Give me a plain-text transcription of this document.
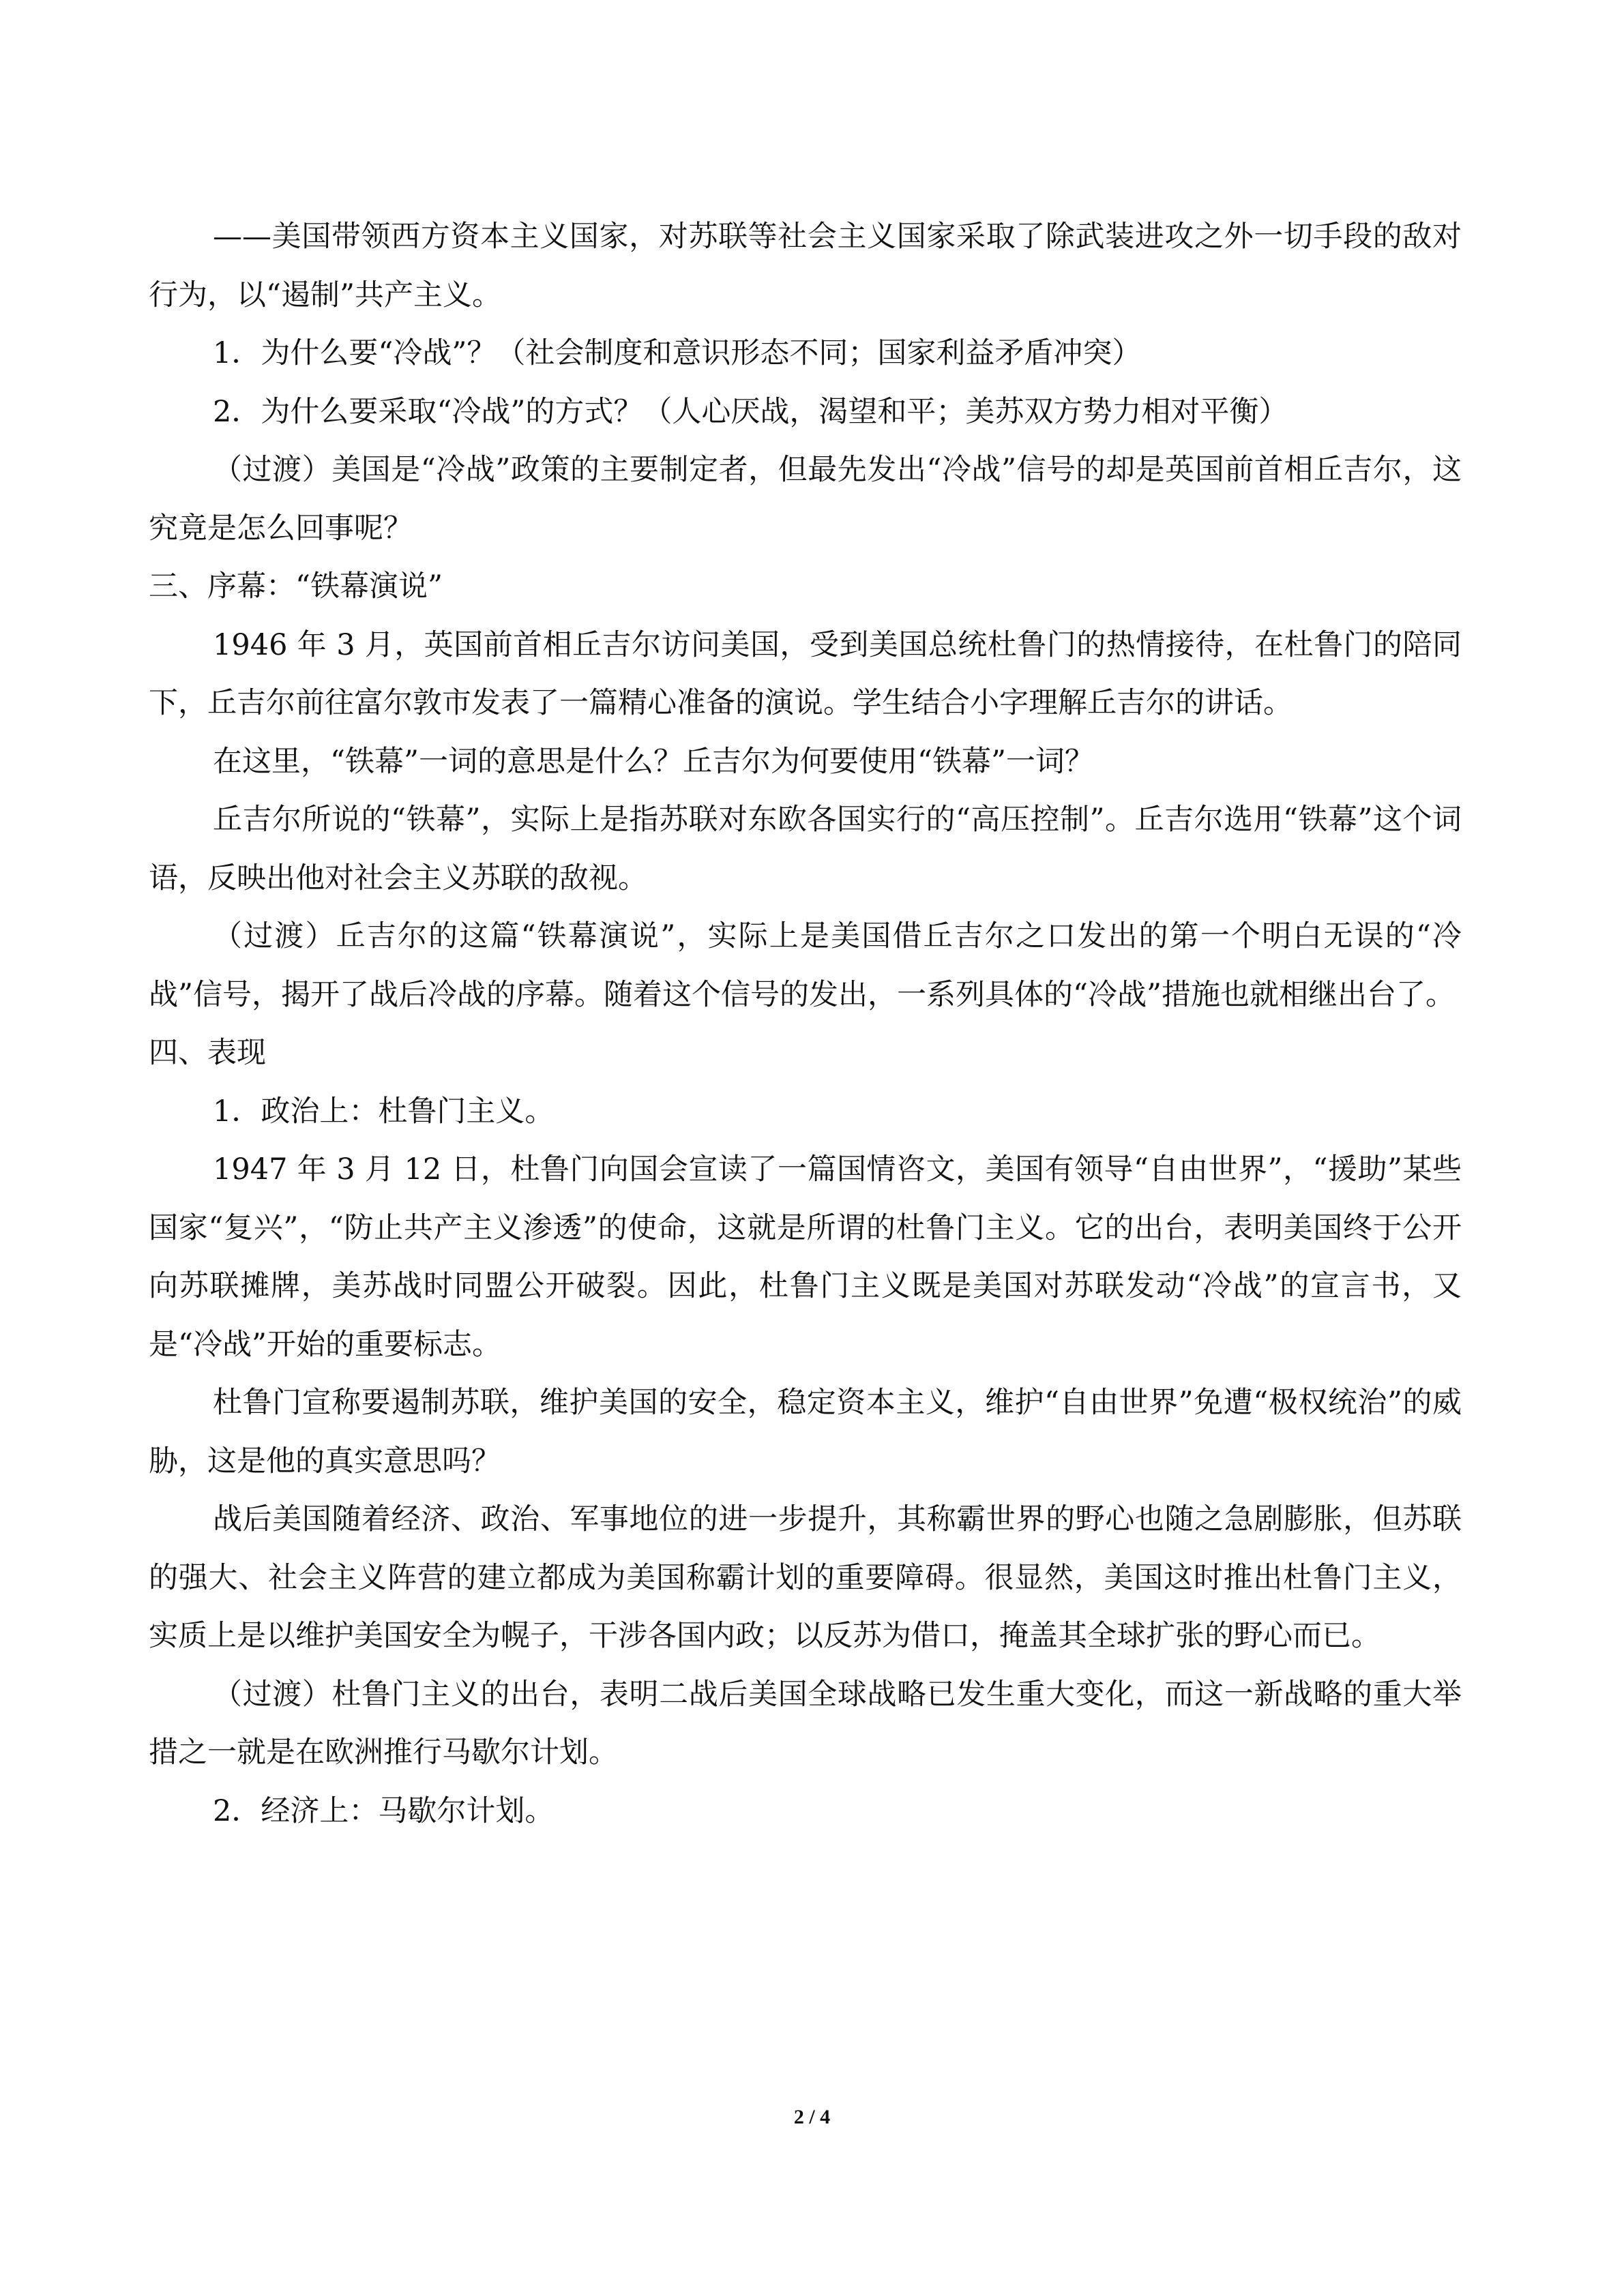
——美国带领西方资本主义国家，对苏联等社会主义国家采取了除武装进攻之外一切手段的敌对行为，以“遏制”共产主义。

1．为什么要“冷战”？（社会制度和意识形态不同；国家利益矛盾冲突）

2．为什么要采取“冷战”的方式？（人心厌战，渴望和平；美苏双方势力相对平衡）

（过渡）美国是“冷战”政策的主要制定者，但最先发出“冷战”信号的却是英国前首相丘吉尔，这究竟是怎么回事呢？

三、序幕：“铁幕演说”

1946 年 3 月，英国前首相丘吉尔访问美国，受到美国总统杜鲁门的热情接待，在杜鲁门的陪同下，丘吉尔前往富尔敦市发表了一篇精心准备的演说。学生结合小字理解丘吉尔的讲话。

在这里，“铁幕”一词的意思是什么？丘吉尔为何要使用“铁幕”一词？

丘吉尔所说的“铁幕”，实际上是指苏联对东欧各国实行的“高压控制”。丘吉尔选用“铁幕”这个词语，反映出他对社会主义苏联的敌视。

（过渡）丘吉尔的这篇“铁幕演说”，实际上是美国借丘吉尔之口发出的第一个明白无误的“冷战”信号，揭开了战后冷战的序幕。随着这个信号的发出，一系列具体的“冷战”措施也就相继出台了。

四、表现

1．政治上：杜鲁门主义。

1947 年 3 月 12 日，杜鲁门向国会宣读了一篇国情咨文，美国有领导“自由世界”，“援助”某些国家“复兴”，“防止共产主义渗透”的使命，这就是所谓的杜鲁门主义。它的出台，表明美国终于公开向苏联摊牌，美苏战时同盟公开破裂。因此，杜鲁门主义既是美国对苏联发动“冷战”的宣言书，又是“冷战”开始的重要标志。

杜鲁门宣称要遏制苏联，维护美国的安全，稳定资本主义，维护“自由世界”免遭“极权统治”的威胁，这是他的真实意思吗？

战后美国随着经济、政治、军事地位的进一步提升，其称霸世界的野心也随之急剧膨胀，但苏联的强大、社会主义阵营的建立都成为美国称霸计划的重要障碍。很显然，美国这时推出杜鲁门主义，实质上是以维护美国安全为幌子，干涉各国内政；以反苏为借口，掩盖其全球扩张的野心而已。

（过渡）杜鲁门主义的出台，表明二战后美国全球战略已发生重大变化，而这一新战略的重大举措之一就是在欧洲推行马歇尔计划。

2．经济上：马歇尔计划。

2 / 4
